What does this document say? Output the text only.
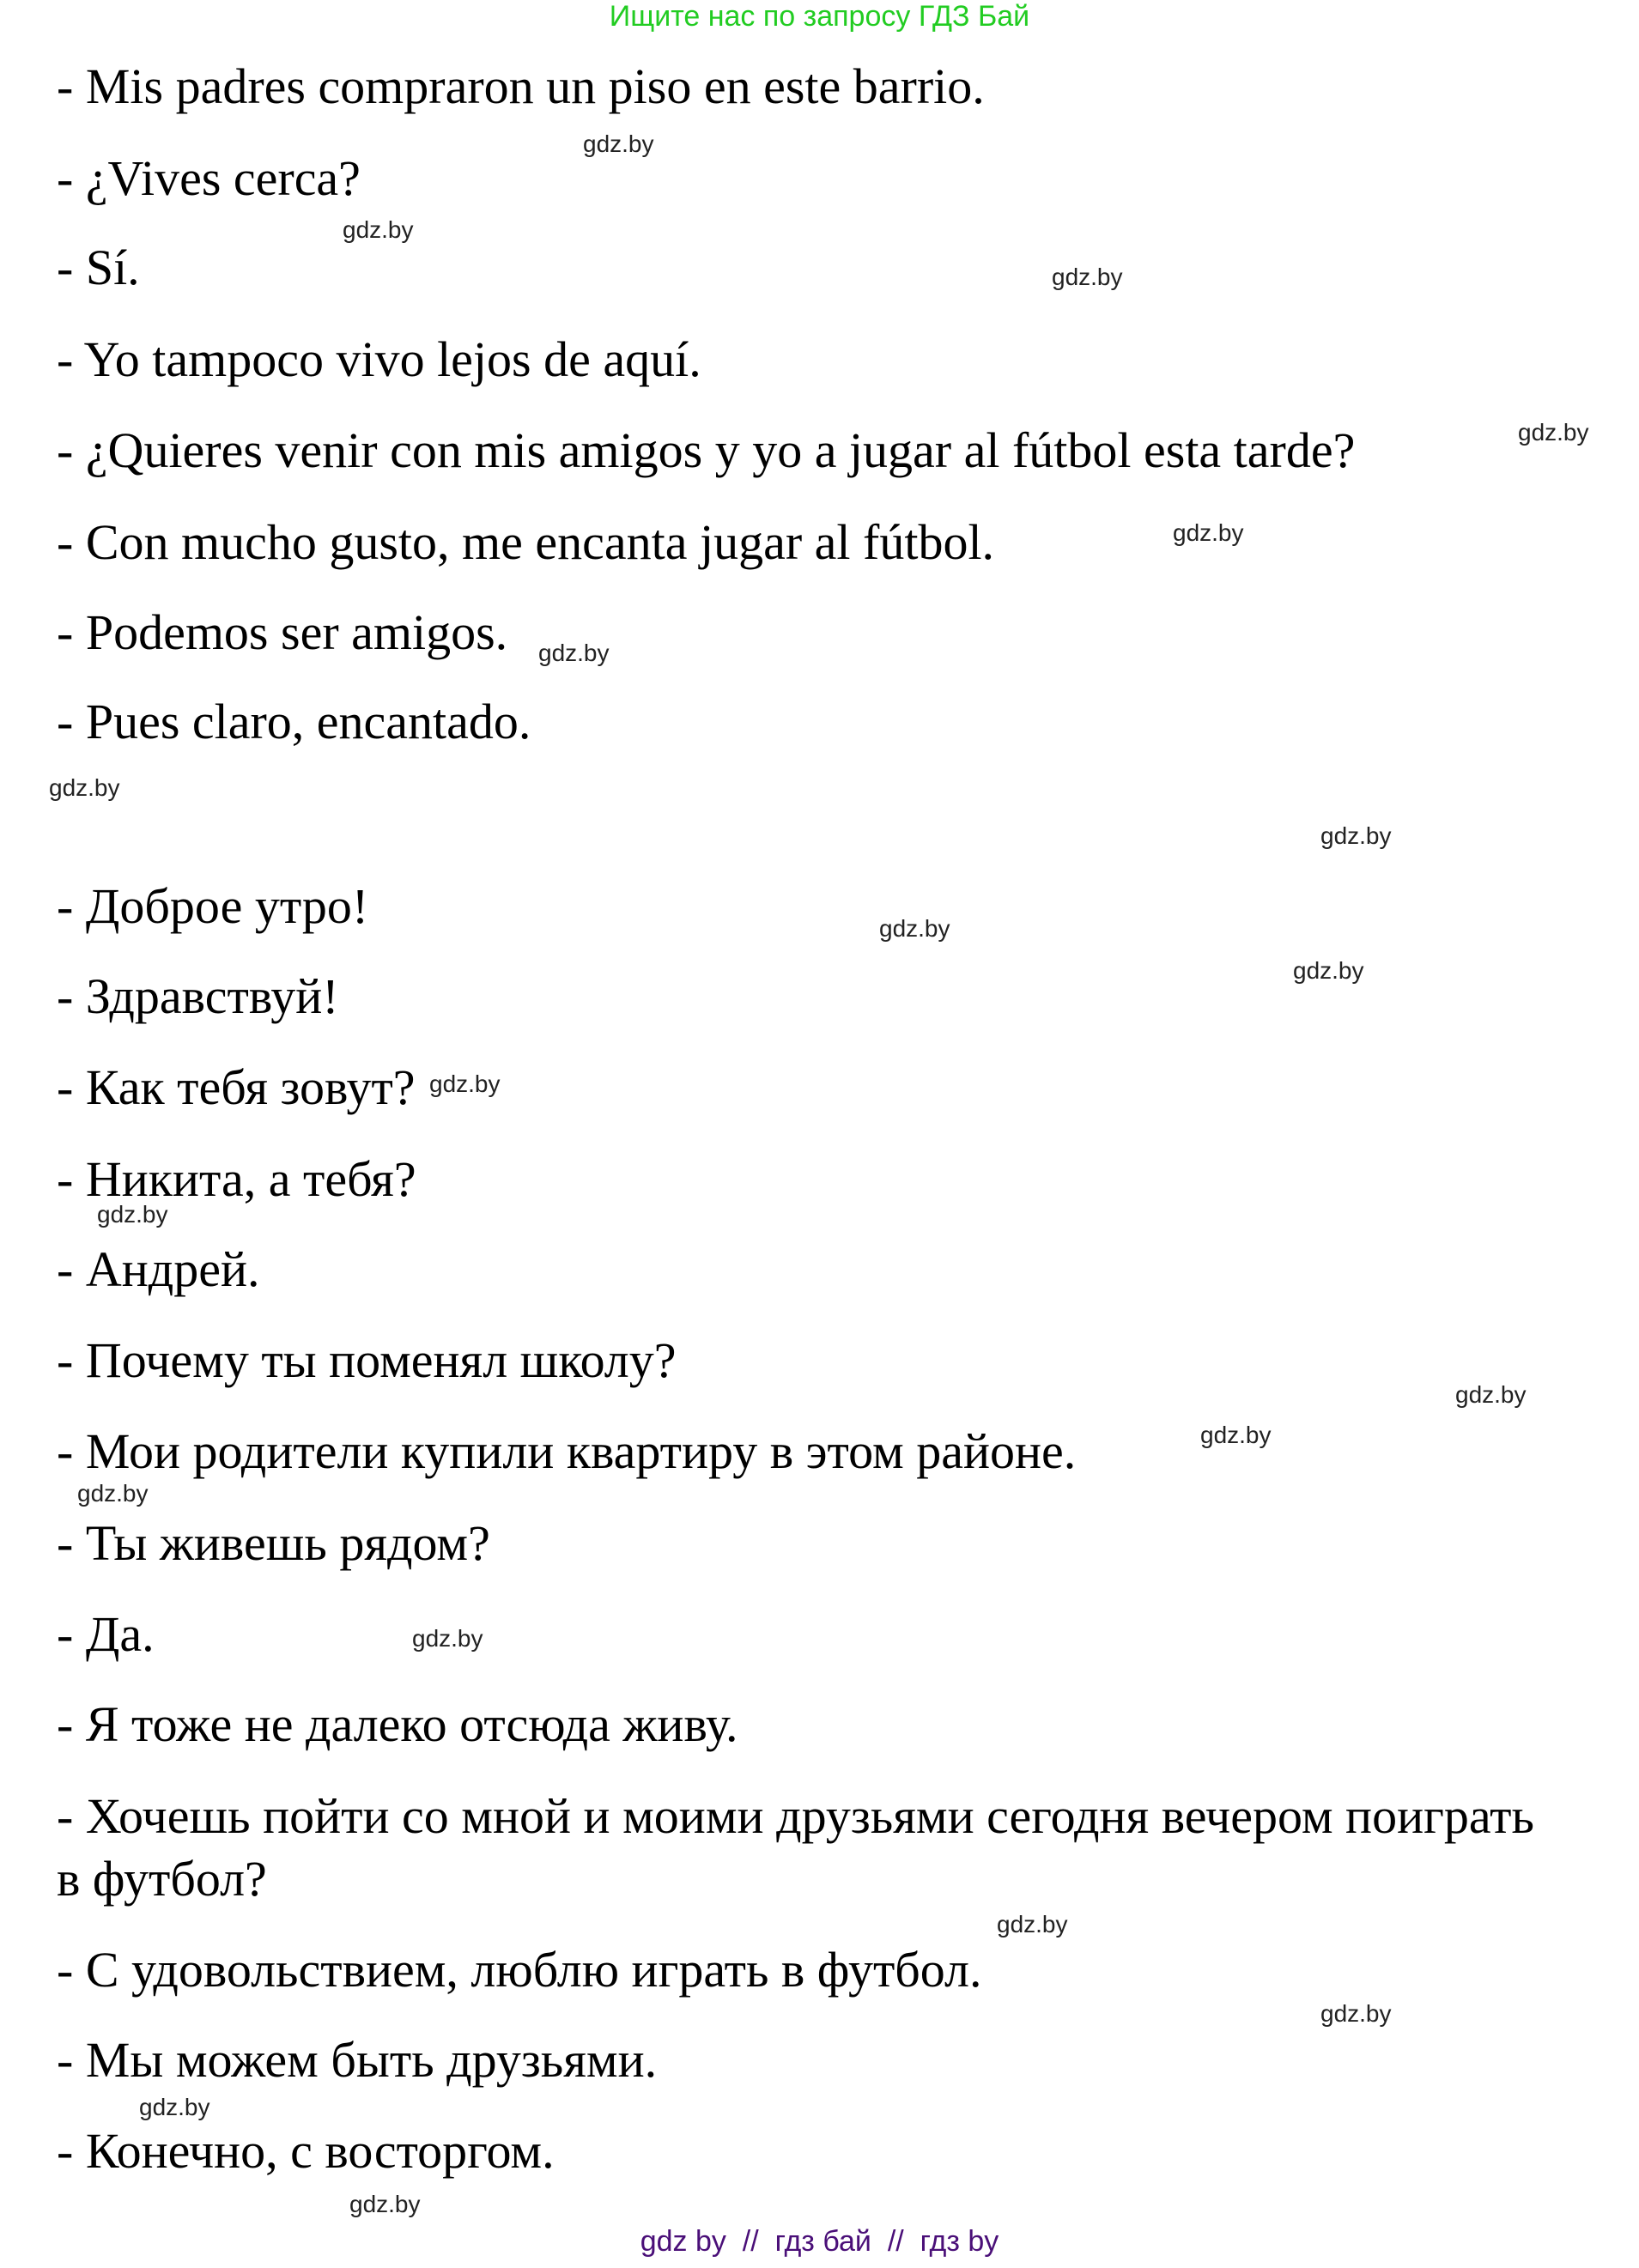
Ищите нас по запросу ГДЗ Бай
- Mis padres compraron un piso en este barrio.
- ¿Vives cerca?
- Sí.
- Yo tampoco vivo lejos de aquí.
- ¿Quieres venir con mis amigos y yo a jugar al fútbol esta tarde?
- Con mucho gusto, me encanta jugar al fútbol.
- Podemos ser amigos.
- Pues claro, encantado.
- Доброе утро!
- Здравствуй!
- Как тебя зовут?
- Никита, а тебя?
- Андрей.
- Почему ты поменял школу?
- Мои родители купили квартиру в этом районе.
- Ты живешь рядом?
- Да.
- Я тоже не далеко отсюда живу.
- Хочешь пойти со мной и моими друзьями сегодня вечером поиграть
в футбол?
- С удовольствием, люблю играть в футбол.
- Мы можем быть друзьями.
- Конечно, с восторгом.
gdz.by
gdz.by
gdz.by
gdz.by
gdz.by
gdz.by
gdz.by
gdz.by
gdz.by
gdz.by
gdz.by
gdz.by
gdz.by
gdz.by
gdz.by
gdz.by
gdz.by
gdz.by
gdz.by
gdz.by
gdz by  //  гдз бай  //  гдз by
